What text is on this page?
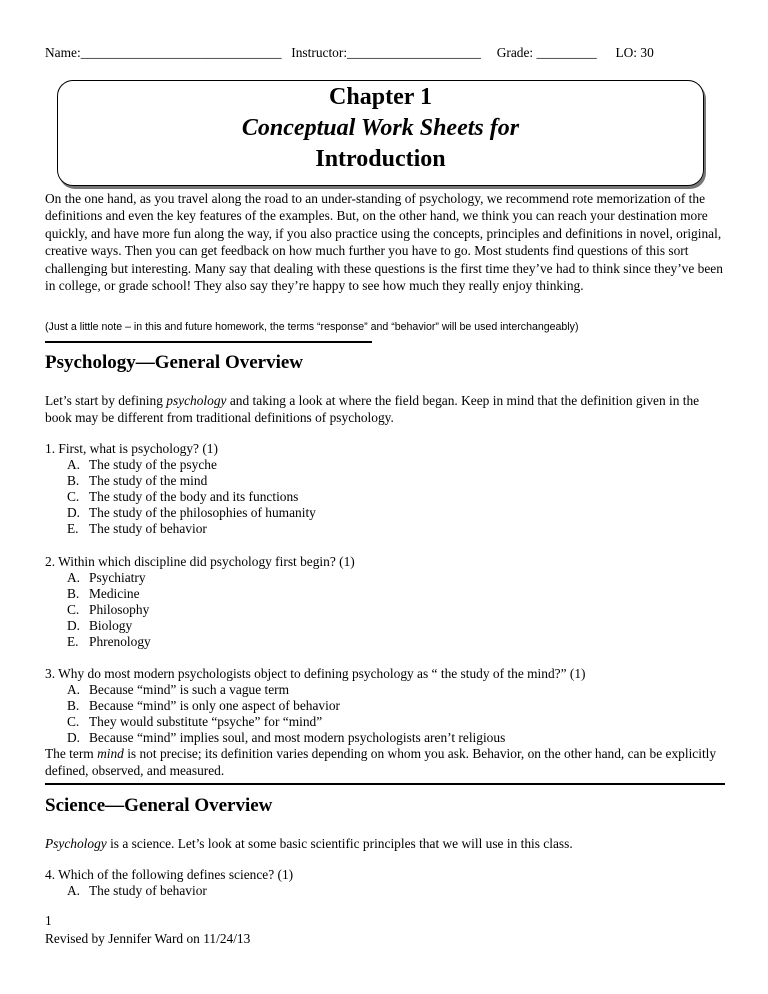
Name:______________________________ Instructor:____________________ Grade: _________ LO: 30
Chapter 1
Conceptual Work Sheets for
Introduction
On the one hand, as you travel along the road to an under-standing of psychology, we recommend rote memorization of the definitions and even the key features of the examples. But, on the other hand, we think you can reach your destination more quickly, and have more fun along the way, if you also practice using the concepts, principles and definitions in novel, original, creative ways. Then you can get feedback on how much further you have to go. Most students find questions of this sort challenging but interesting. Many say that dealing with these questions is the first time they’ve had to think since they’ve been in college, or grade school! They also say they’re happy to see how much they really enjoy thinking.
(Just a little note – in this and future homework, the terms “response” and “behavior” will be used interchangeably)
Psychology—General Overview
Let’s start by defining psychology and taking a look at where the field began. Keep in mind that the definition given in the book may be different from traditional definitions of psychology.
1. First, what is psychology? (1)
A. The study of the psyche
B. The study of the mind
C. The study of the body and its functions
D. The study of the philosophies of humanity
E. The study of behavior
2. Within which discipline did psychology first begin? (1)
A. Psychiatry
B. Medicine
C. Philosophy
D. Biology
E. Phrenology
3. Why do most modern psychologists object to defining psychology as “ the study of the mind?” (1)
A. Because “mind” is such a vague term
B. Because “mind” is only one aspect of behavior
C. They would substitute “psyche” for “mind”
D. Because “mind” implies soul, and most modern psychologists aren’t religious
The term mind is not precise; its definition varies depending on whom you ask. Behavior, on the other hand, can be explicitly defined, observed, and measured.
Science—General Overview
Psychology is a science. Let’s look at some basic scientific principles that we will use in this class.
4. Which of the following defines science? (1)
A. The study of behavior
1
Revised by Jennifer Ward on 11/24/13
